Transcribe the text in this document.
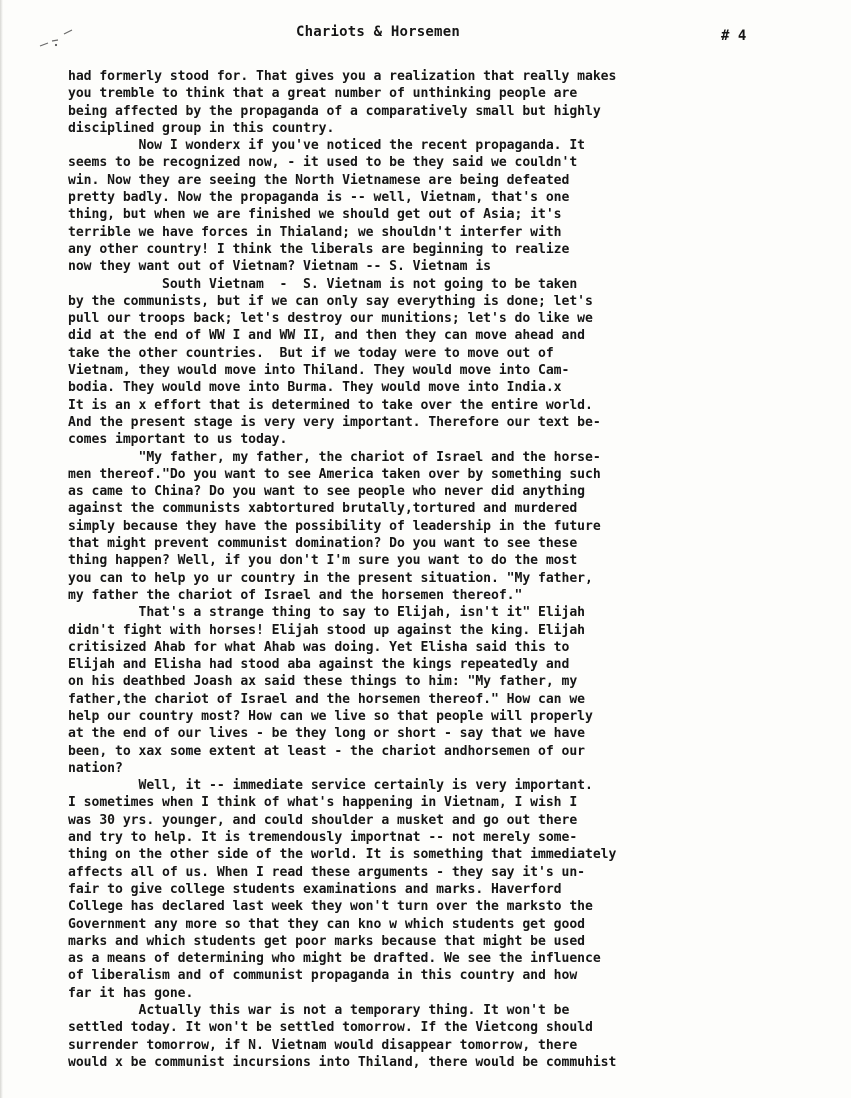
Chariots & Horsemen	# 4
had formerly stood for. That gives you a realization that really makes
you tremble to think that a great number of unthinking people are
being affected by the propaganda of a comparatively small but highly
disciplined group in this country.
Now I wonderx if you've noticed the recent propaganda. It
seems to be recognized now, - it used to be they said we couldn't
win. Now they are seeing the North Vietnamese are being defeated
pretty badly. Now the propaganda is -- well, Vietnam, that's one
thing, but when we are finished we should get out of Asia; it's
terrible we have forces in Thialand; we shouldn't interfer with
any other country! I think the liberals are beginning to realize
now they want out of Vietnam? Vietnam -- S. Vietnam is
South Vietnam  -  S. Vietnam is not going to be taken
by the communists, but if we can only say everything is done; let's
pull our troops back; let's destroy our munitions; let's do like we
did at the end of WW I and WW II, and then they can move ahead and
take the other countries.  But if we today were to move out of
Vietnam, they would move into Thiland. They would move into Cam-
bodia. They would move into Burma. They would move into India.x
It is an x effort that is determined to take over the entire world.
And the present stage is very very important. Therefore our text be-
comes important to us today.
"My father, my father, the chariot of Israel and the horse-
men thereof."Do you want to see America taken over by something such
as came to China? Do you want to see people who never did anything
against the communists xabtortured brutally,tortured and murdered
simply because they have the possibility of leadership in the future
that might prevent communist domination? Do you want to see these
thing happen? Well, if you don't I'm sure you want to do the most
you can to help yo ur country in the present situation. "My father,
my father the chariot of Israel and the horsemen thereof."
That's a strange thing to say to Elijah, isn't it" Elijah
didn't fight with horses! Elijah stood up against the king. Elijah
critisized Ahab for what Ahab was doing. Yet Elisha said this to
Elijah and Elisha had stood aba against the kings repeatedly and
on his deathbed Joash ax said these things to him: "My father, my
father,the chariot of Israel and the horsemen thereof." How can we
help our country most? How can we live so that people will properly
at the end of our lives - be they long or short - say that we have
been, to xax some extent at least - the chariot andhorsemen of our
nation?
Well, it -- immediate service certainly is very important.
I sometimes when I think of what's happening in Vietnam, I wish I
was 30 yrs. younger, and could shoulder a musket and go out there
and try to help. It is tremendously importnat -- not merely some-
thing on the other side of the world. It is something that immediately
affects all of us. When I read these arguments - they say it's un-
fair to give college students examinations and marks. Haverford
College has declared last week they won't turn over the marksto the
Government any more so that they can kno w which students get good
marks and which students get poor marks because that might be used
as a means of determining who might be drafted. We see the influence
of liberalism and of communist propaganda in this country and how
far it has gone.
Actually this war is not a temporary thing. It won't be
settled today. It won't be settled tomorrow. If the Vietcong should
surrender tomorrow, if N. Vietnam would disappear tomorrow, there
would x be communist incursions into Thiland, there would be commuhist
